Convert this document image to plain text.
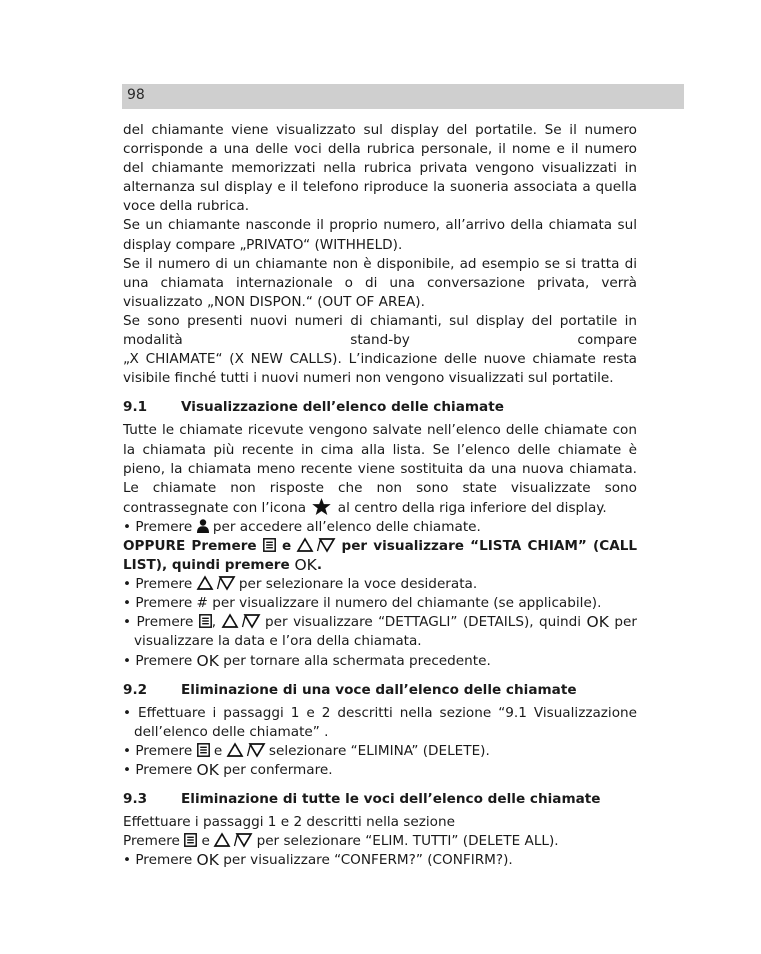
98

del chiamante viene visualizzato sul display del portatile. Se il numero corrisponde a una delle voci della rubrica personale, il nome e il numero del chiamante memorizzati nella rubrica privata vengono visualizzati in alternanza sul display e il telefono riproduce la suoneria associata a quella voce della rubrica.

Se un chiamante nasconde il proprio numero, all’arrivo della chiamata sul display compare „PRIVATO“ (WITHHELD).

Se il numero di un chiamante non è disponibile, ad esempio se si tratta di una chiamata internazionale o di una conversazione privata, verrà visualizzato „NON DISPON.“ (OUT OF AREA).

Se sono presenti nuovi numeri di chiamanti, sul display del portatile in modalità stand-by compare

„X CHIAMATE“ (X NEW CALLS). L’indicazione delle nuove chiamate resta visibile finché tutti i nuovi numeri non vengono visualizzati sul portatile.

9.1	Visualizzazione dell’elenco delle chiamate

Tutte le chiamate ricevute vengono salvate nell’elenco delle chiamate con la chiamata più recente in cima alla lista. Se l’elenco delle chiamate è pieno, la chiamata meno recente viene sostituita da una nuova chiamata. Le chiamate non risposte che non sono state visualizzate sono contrassegnate con l’icona al centro della riga inferiore del display.

• Premere per accedere all’elenco delle chiamate.

OPPURE Premere e	per visualizzare “LISTA CHIAM” (CALL LIST), quindi premere OK.

• Premere	per selezionare la voce desiderata.

• Premere # per visualizzare il numero del chiamante (se applicabile).

• Premere ,	per visualizzare “DETTAGLI” (DETAILS), quindi OK per visualizzare la data e l’ora della chiamata.

• Premere OK per tornare alla schermata precedente.

9.2	Eliminazione di una voce dall’elenco delle chiamate

• Effettuare i passaggi 1 e 2 descritti nella sezione “9.1 Visualizzazione dell’elenco delle chiamate” .

• Premere e	selezionare “ELIMINA” (DELETE).

• Premere OK per confermare.

9.3	Eliminazione di tutte le voci dell’elenco delle chiamate

Effettuare i passaggi 1 e 2 descritti nella sezione

Premere e	per selezionare “ELIM. TUTTI” (DELETE ALL).

• Premere OK per visualizzare “CONFERM?” (CONFIRM?).
